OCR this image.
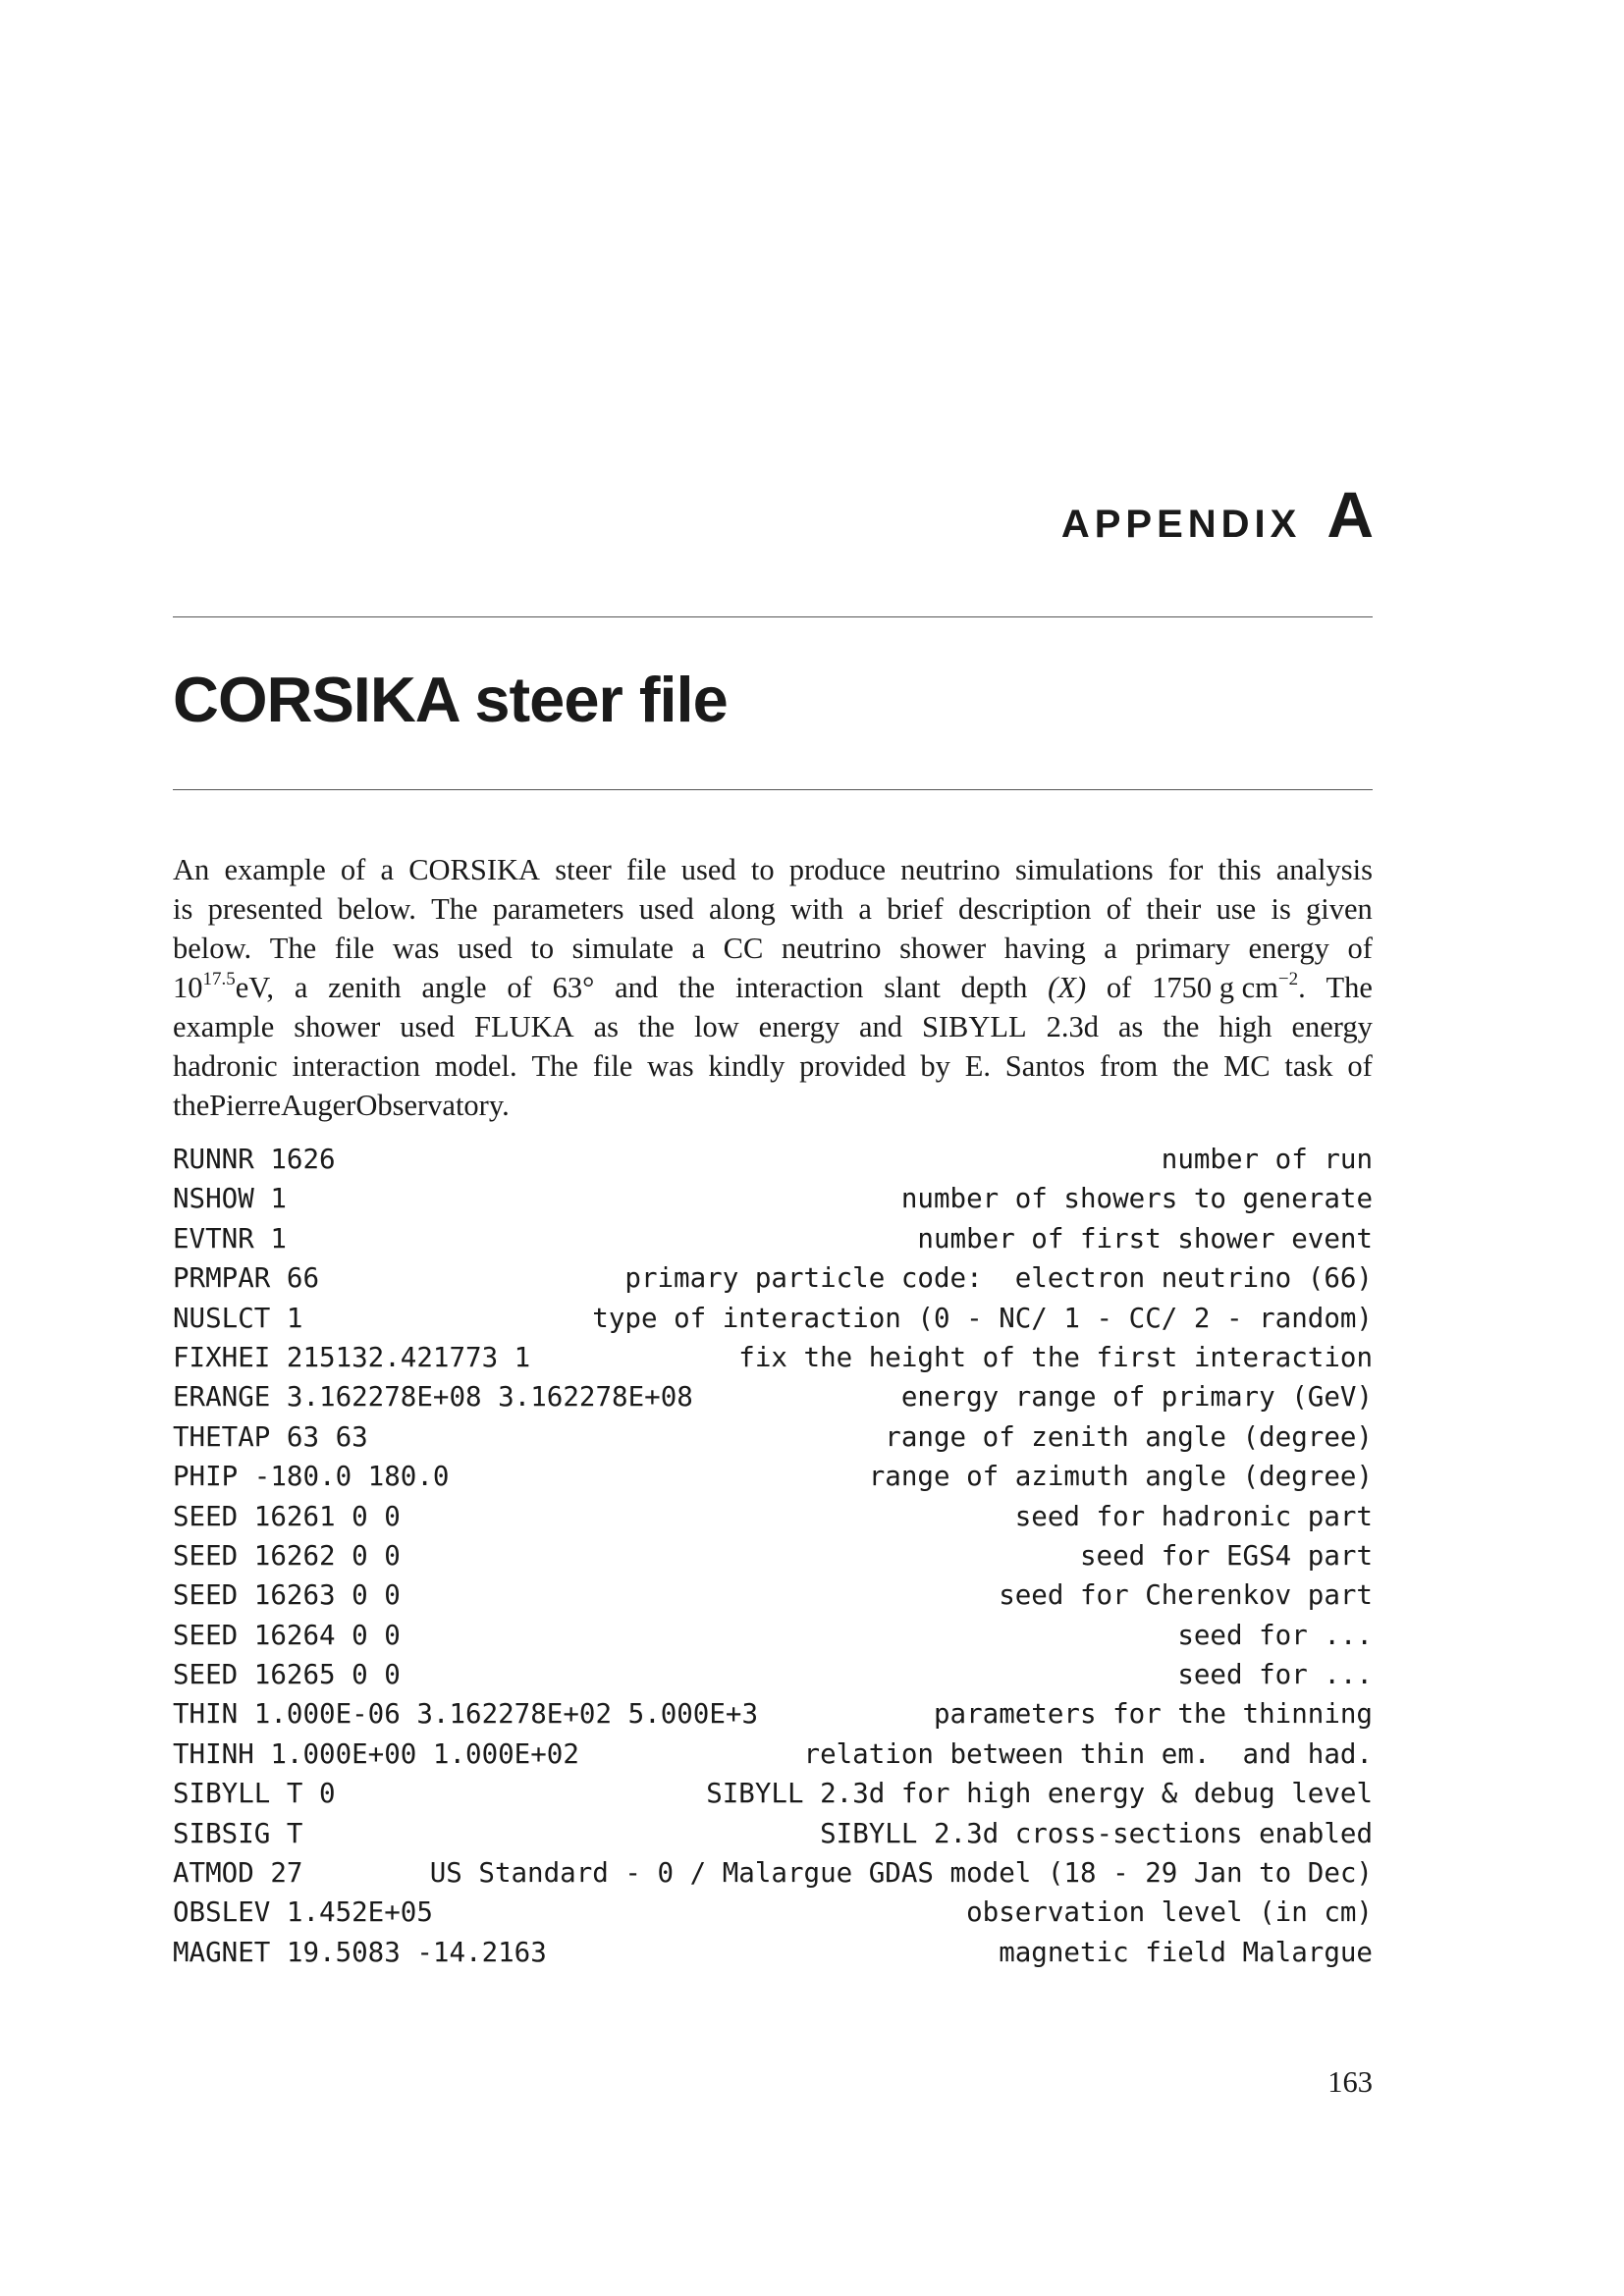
APPENDIX A
CORSIKA steer file
An example of a CORSIKA steer file used to produce neutrino simulations for this analysis
is presented below. The parameters used along with a brief description of their use is given
below. The file was used to simulate a CC neutrino shower having a primary energy of
$10^{17.5}eV$, a zenith angle of 63° and the interaction slant depth (X) of 1750 g $cm^{-2}$. The
example shower used FLUKA as the low energy and SIBYLL 2.3d as the high energy
hadronic interaction model. The file was kindly provided by E. Santos from the MC task of
the Pierre Auger Observatory.
RUNNR 1626	number of run
NSHOW 1	number of showers to generate
EVTNR 1	number of first shower event
PRMPAR 66	primary particle code:  electron neutrino (66)
NUSLCT 1	type of interaction (0 - NC/ 1 - CC/ 2 - random)
FIXHEI 215132.421773 1	fix the height of the first interaction
ERANGE 3.162278E+08 3.162278E+08	energy range of primary (GeV)
THETAP 63 63	range of zenith angle (degree)
PHIP -180.0 180.0	range of azimuth angle (degree)
SEED 16261 0 0	seed for hadronic part
SEED 16262 0 0	seed for EGS4 part
SEED 16263 0 0	seed for Cherenkov part
SEED 16264 0 0	seed for ...
SEED 16265 0 0	seed for ...
THIN 1.000E-06 3.162278E+02 5.000E+3	parameters for the thinning
THINH 1.000E+00 1.000E+02	relation between thin em.  and had.
SIBYLL T 0	SIBYLL 2.3d for high energy & debug level
SIBSIG T	SIBYLL 2.3d cross-sections enabled
ATMOD 27	US Standard - 0 / Malargue GDAS model (18 - 29 Jan to Dec)
OBSLEV 1.452E+05	observation level (in cm)
MAGNET 19.5083 -14.2163	magnetic field Malargue
163
